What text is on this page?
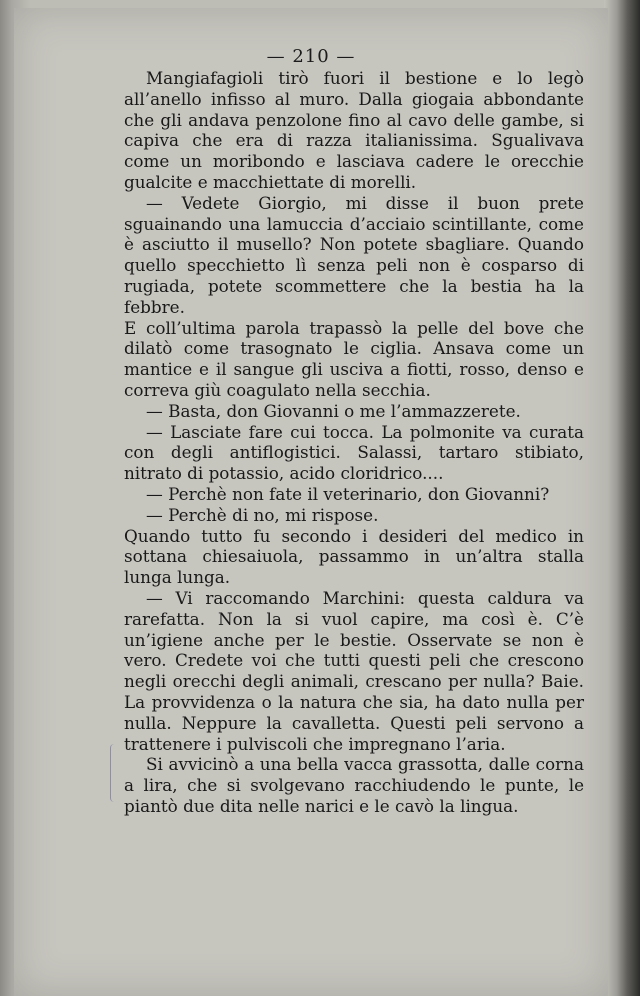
— 210 —

Mangiafagioli tirò fuori il bestione e lo legò all’anello infisso al muro. Dalla giogaia abbondante che gli andava penzolone fino al cavo delle gambe, si capiva che era di razza italianissima. Sgualivava come un moribondo e lasciava cadere le orecchie gualcite e macchiettate di morelli.

— Vedete Giorgio, mi disse il buon prete sguainando una lamuccia d’acciaio scintillante, come è asciutto il musello? Non potete sbagliare. Quando quello specchietto lì senza peli non è cosparso di rugiada, potete scommettere che la bestia ha la febbre.

E coll’ultima parola trapassò la pelle del bove che dilatò come trasognato le ciglia. Ansava come un mantice e il sangue gli usciva a fiotti, rosso, denso e correva giù coagulato nella secchia.

— Basta, don Giovanni o me l’ammazzerete.

— Lasciate fare cui tocca. La polmonite va curata con degli antiflogistici. Salassi, tartaro stibiato, nitrato di potassio, acido cloridrico....

— Perchè non fate il veterinario, don Giovanni?

— Perchè di no, mi rispose.

Quando tutto fu secondo i desideri del medico in sottana chiesaiuola, passammo in un’altra stalla lunga lunga.

— Vi raccomando Marchini: questa caldura va rarefatta. Non la si vuol capire, ma così è. C’è un’igiene anche per le bestie. Osservate se non è vero. Credete voi che tutti questi peli che crescono negli orecchi degli animali, crescano per nulla? Baie. La provvidenza o la natura che sia, ha dato nulla per nulla. Neppure la cavalletta. Questi peli servono a trattenere i pulviscoli che impregnano l’aria.

Si avvicinò a una bella vacca grassotta, dalle corna a lira, che si svolgevano racchiudendo le punte, le piantò due dita nelle narici e le cavò la lingua.
